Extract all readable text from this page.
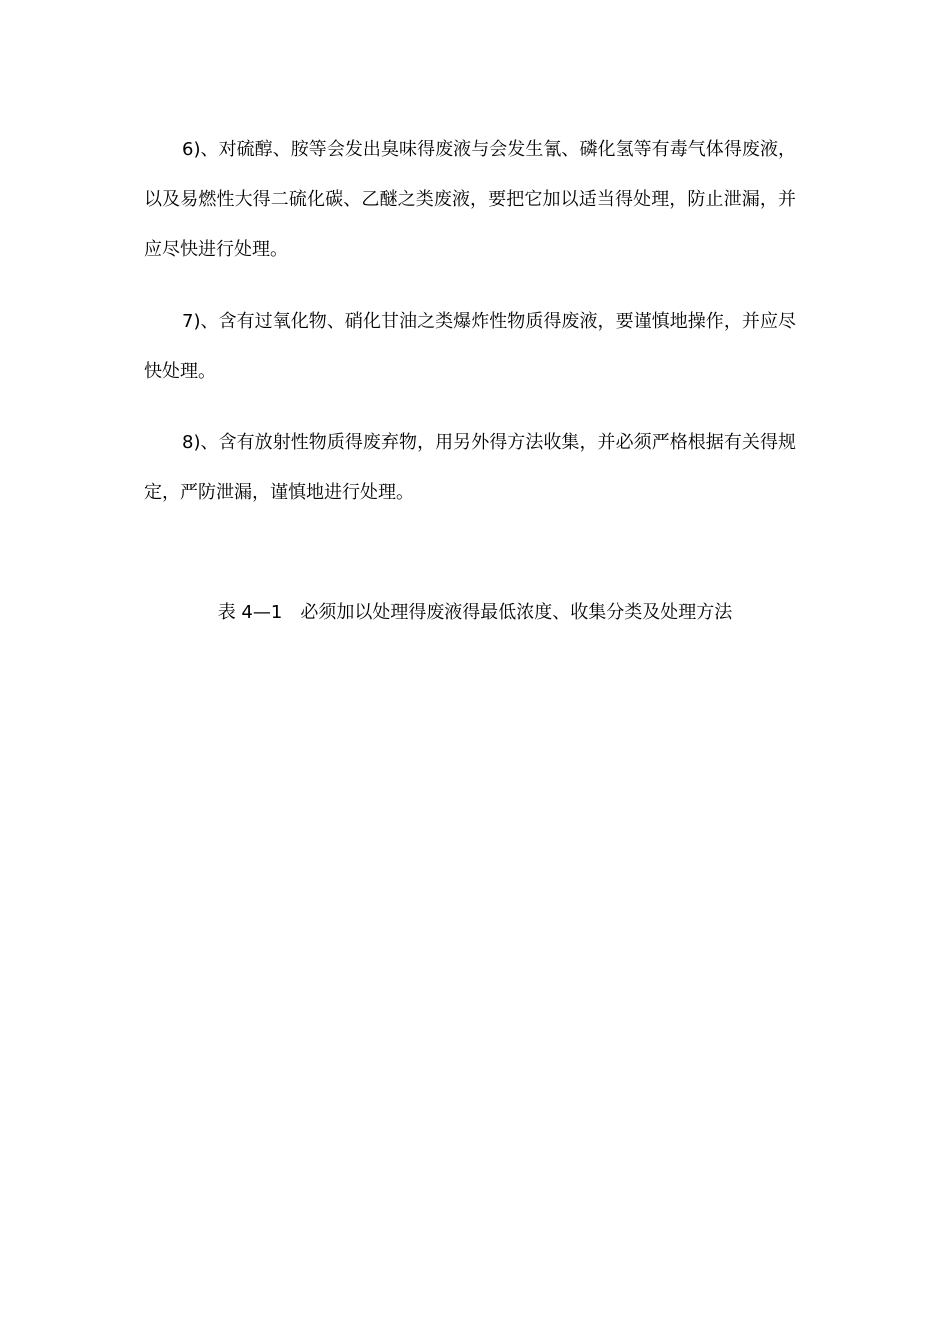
6)、对硫醇、胺等会发出臭味得废液与会发生氰、磷化氢等有毒气体得废液，以及易燃性大得二硫化碳、乙醚之类废液，要把它加以适当得处理，防止泄漏，并应尽快进行处理。

7)、含有过氧化物、硝化甘油之类爆炸性物质得废液，要谨慎地操作，并应尽快处理。

8)、含有放射性物质得废弃物，用另外得方法收集，并必须严格根据有关得规定，严防泄漏，谨慎地进行处理。

表 4—1　必须加以处理得废液得最低浓度、收集分类及处理方法
